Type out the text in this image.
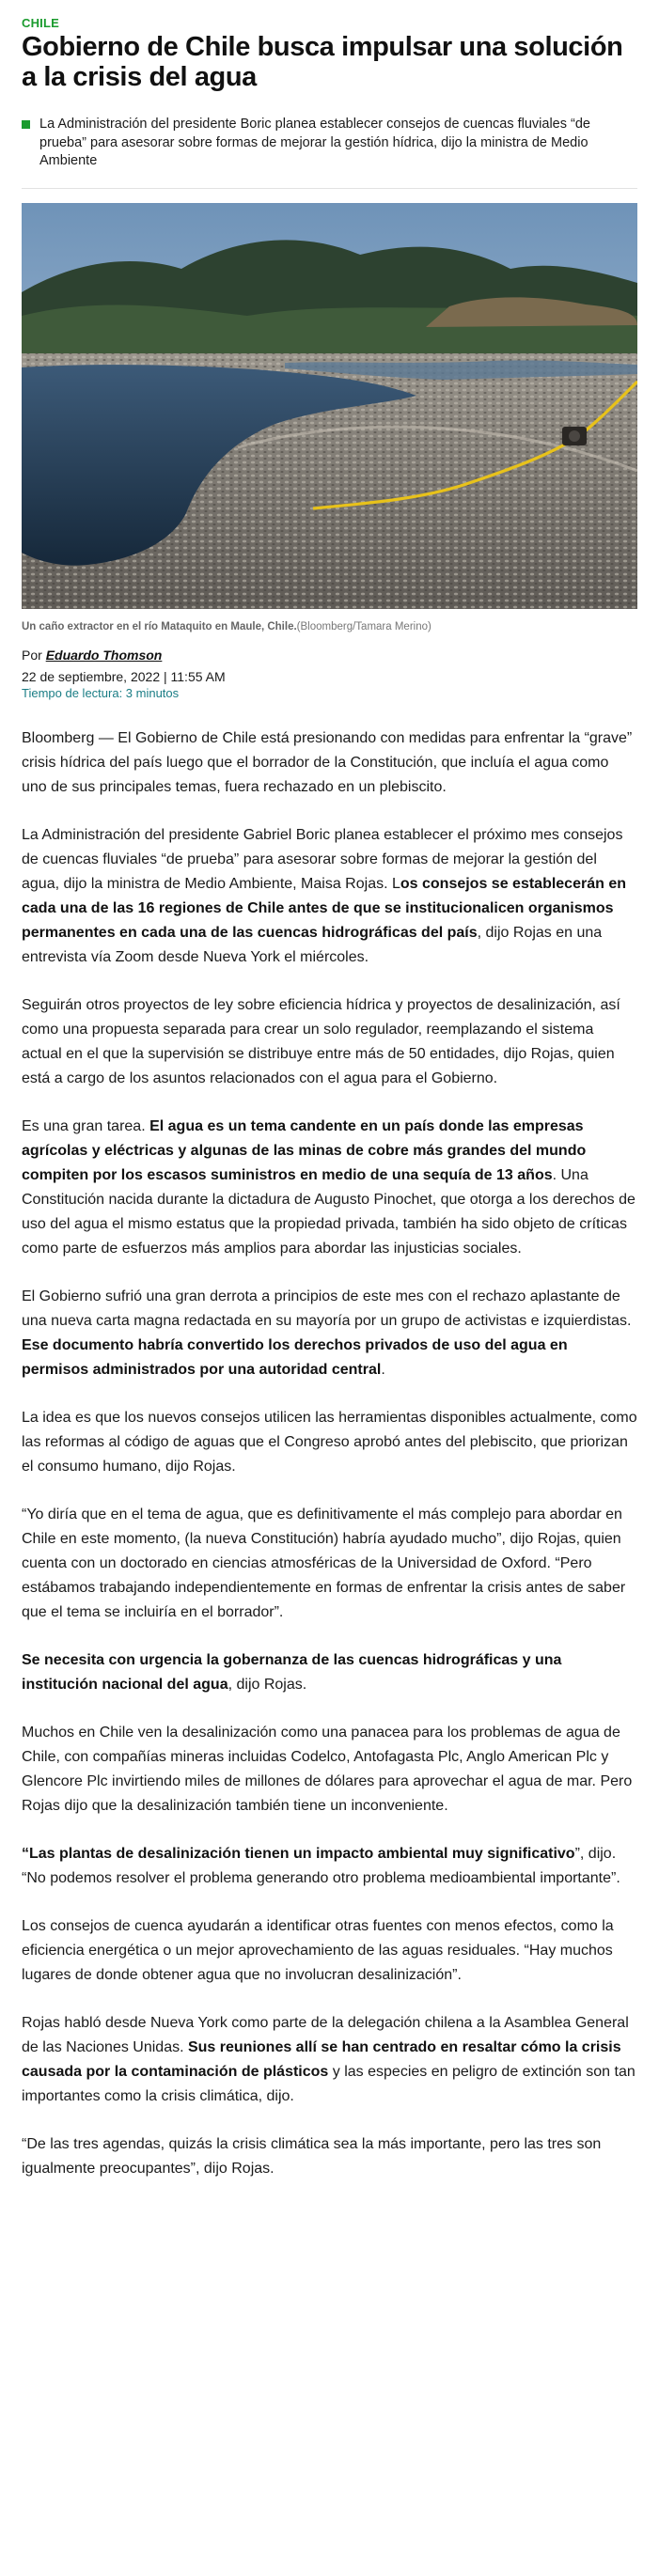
CHILE
Gobierno de Chile busca impulsar una solución a la crisis del agua
La Administración del presidente Boric planea establecer consejos de cuencas fluviales “de prueba” para asesorar sobre formas de mejorar la gestión hídrica, dijo la ministra de Medio Ambiente
Un caño extractor en el río Mataquito en Maule, Chile.(Bloomberg/Tamara Merino)
Por Eduardo Thomson
22 de septiembre, 2022 | 11:55 AM
Tiempo de lectura: 3 minutos

Bloomberg — El Gobierno de Chile está presionando con medidas para enfrentar la “grave” crisis hídrica del país luego que el borrador de la Constitución, que incluía el agua como uno de sus principales temas, fuera rechazado en un plebiscito.

La Administración del presidente Gabriel Boric planea establecer el próximo mes consejos de cuencas fluviales “de prueba” para asesorar sobre formas de mejorar la gestión del agua, dijo la ministra de Medio Ambiente, Maisa Rojas. Los consejos se establecerán en cada una de las 16 regiones de Chile antes de que se institucionalicen organismos permanentes en cada una de las cuencas hidrográficas del país, dijo Rojas en una entrevista vía Zoom desde Nueva York el miércoles.

Seguirán otros proyectos de ley sobre eficiencia hídrica y proyectos de desalinización, así como una propuesta separada para crear un solo regulador, reemplazando el sistema actual en el que la supervisión se distribuye entre más de 50 entidades, dijo Rojas, quien está a cargo de los asuntos relacionados con el agua para el Gobierno.

Es una gran tarea. El agua es un tema candente en un país donde las empresas agrícolas y eléctricas y algunas de las minas de cobre más grandes del mundo compiten por los escasos suministros en medio de una sequía de 13 años. Una Constitución nacida durante la dictadura de Augusto Pinochet, que otorga a los derechos de uso del agua el mismo estatus que la propiedad privada, también ha sido objeto de críticas como parte de esfuerzos más amplios para abordar las injusticias sociales.

El Gobierno sufrió una gran derrota a principios de este mes con el rechazo aplastante de una nueva carta magna redactada en su mayoría por un grupo de activistas e izquierdistas. Ese documento habría convertido los derechos privados de uso del agua en permisos administrados por una autoridad central.

La idea es que los nuevos consejos utilicen las herramientas disponibles actualmente, como las reformas al código de aguas que el Congreso aprobó antes del plebiscito, que priorizan el consumo humano, dijo Rojas.

“Yo diría que en el tema de agua, que es definitivamente el más complejo para abordar en Chile en este momento, (la nueva Constitución) habría ayudado mucho”, dijo Rojas, quien cuenta con un doctorado en ciencias atmosféricas de la Universidad de Oxford. “Pero estábamos trabajando independientemente en formas de enfrentar la crisis antes de saber que el tema se incluiría en el borrador”.

Se necesita con urgencia la gobernanza de las cuencas hidrográficas y una institución nacional del agua, dijo Rojas.

Muchos en Chile ven la desalinización como una panacea para los problemas de agua de Chile, con compañías mineras incluidas Codelco, Antofagasta Plc, Anglo American Plc y Glencore Plc invirtiendo miles de millones de dólares para aprovechar el agua de mar. Pero Rojas dijo que la desalinización también tiene un inconveniente.

“Las plantas de desalinización tienen un impacto ambiental muy significativo”, dijo. “No podemos resolver el problema generando otro problema medioambiental importante”.

Los consejos de cuenca ayudarán a identificar otras fuentes con menos efectos, como la eficiencia energética o un mejor aprovechamiento de las aguas residuales. “Hay muchos lugares de donde obtener agua que no involucran desalinización”.

Rojas habló desde Nueva York como parte de la delegación chilena a la Asamblea General de las Naciones Unidas. Sus reuniones allí se han centrado en resaltar cómo la crisis causada por la contaminación de plásticos y las especies en peligro de extinción son tan importantes como la crisis climática, dijo.

“De las tres agendas, quizás la crisis climática sea la más importante, pero las tres son igualmente preocupantes”, dijo Rojas.
